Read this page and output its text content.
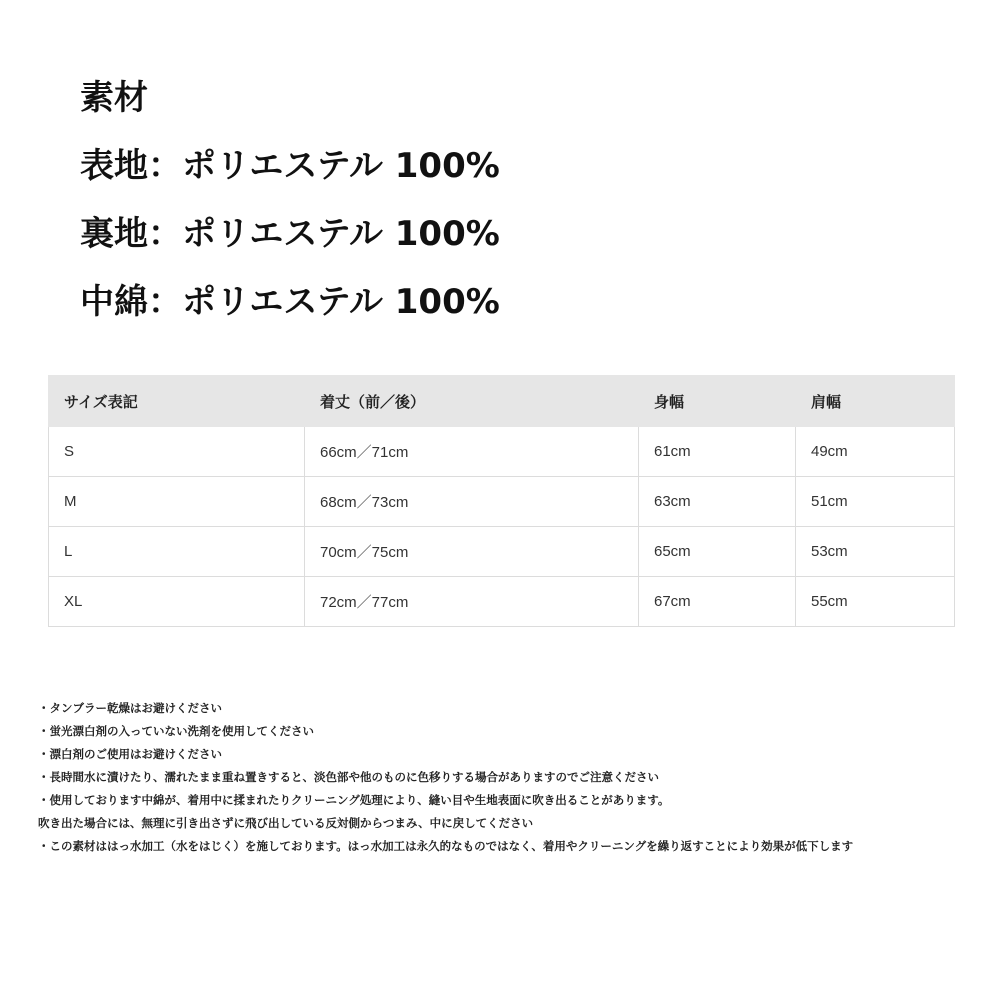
素材
表地：ポリエステル 100%
裏地：ポリエステル 100%
中綿：ポリエステル 100%
サイズ表記	着丈（前／後）	身幅	肩幅
S	66cm／71cm	61cm	49cm
M	68cm／73cm	63cm	51cm
L	70cm／75cm	65cm	53cm
XL	72cm／77cm	67cm	55cm
・タンブラー乾燥はお避けください
・蛍光漂白剤の入っていない洗剤を使用してください
・漂白剤のご使用はお避けください
・長時間水に漬けたり、濡れたまま重ね置きすると、淡色部や他のものに色移りする場合がありますのでご注意ください
・使用しております中綿が、着用中に揉まれたりクリーニング処理により、縫い目や生地表面に吹き出ることがあります。
吹き出た場合には、無理に引き出さずに飛び出している反対側からつまみ、中に戻してください
・この素材ははっ水加工（水をはじく）を施しております。はっ水加工は永久的なものではなく、着用やクリーニングを繰り返すことにより効果が低下します
